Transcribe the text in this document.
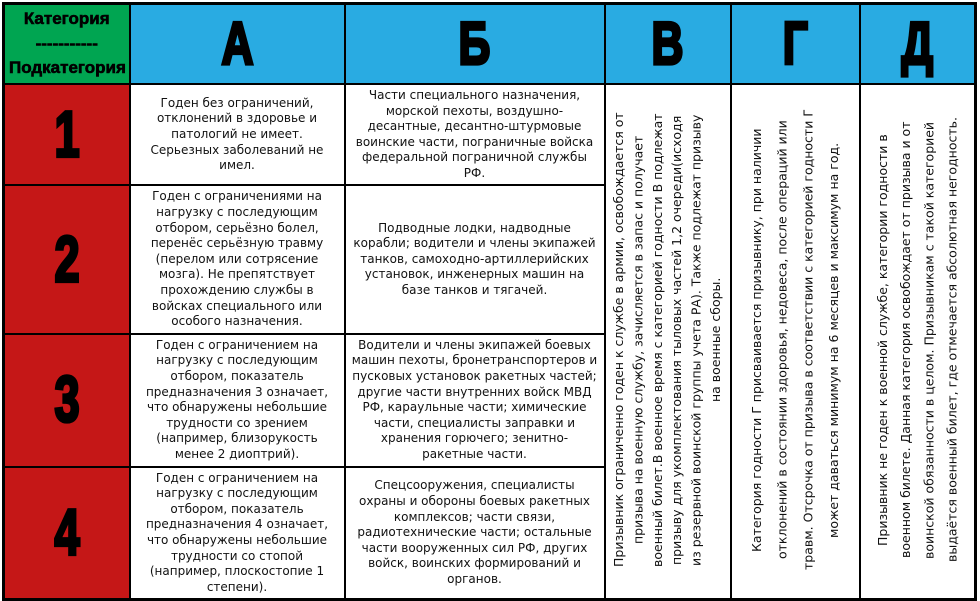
Категория
-----------
Подкатегория	А	Б	В	Г	Д
1	Годен без ограничений, отклонений в здоровье и патологий не имеет. Серьезных заболеваний не имел.	Части специального назначения, морской пехоты, воздушно-десантные, десантно-штурмовые воинские части, пограничные войска федеральной пограничной службы РФ.	Призывник ограниченно годен к службе в армии, освобождается от призыва на военную службу, зачисляется в запас и получает военный билет.В военное время с категорией годности В подлежат призыву для укомплектования тыловых частей 1,2 очереди(исходя из резервной воинской группы учета РА). Также подлежат призыву на военные сборы.	Категория годности Г присваивается призывнику, при наличии отклонений в состоянии здоровья, недовеса, после операций или травм. Отсрочка от призыва в соответствии с категорией годности Г может даваться минимум на 6 месяцев и максимум на год.	Призывник не годен к военной службе, категории годности в военном билете. Данная категория освобождает от призыва и от воинской обязанности в целом. Призывникам с такой категорией выдаётся военный билет, где отмечается абсолютная негодность.
2	Годен с ограничениями на нагрузку с последующим отбором, серьёзно болел, перенёс серьёзную травму (перелом или сотрясение мозга). Не препятствует прохождению службы в войсках специального или особого назначения.	Подводные лодки, надводные корабли; водители и члены экипажей танков, самоходно-артиллерийских установок, инженерных машин на базе танков и тягачей.			
3	Годен с ограничением на нагрузку с последующим отбором, показатель предназначения 3 означает, что обнаружены небольшие трудности со зрением (например, близорукость менее 2 диоптрий).	Водители и члены экипажей боевых машин пехоты, бронетранспортеров и пусковых установок ракетных частей; другие части внутренних войск МВД РФ, караульные части; химические части, специалисты заправки и хранения горючего; зенитно-ракетные части.			
4	Годен с ограничением на нагрузку с последующим отбором, показатель предназначения 4 означает, что обнаружены небольшие трудности со стопой (например, плоскостопие 1 степени).	Спецсооружения, специалисты охраны и обороны боевых ракетных комплексов; части связи, радиотехнические части; остальные части вооруженных сил РФ, других войск, воинских формирований и органов.			
